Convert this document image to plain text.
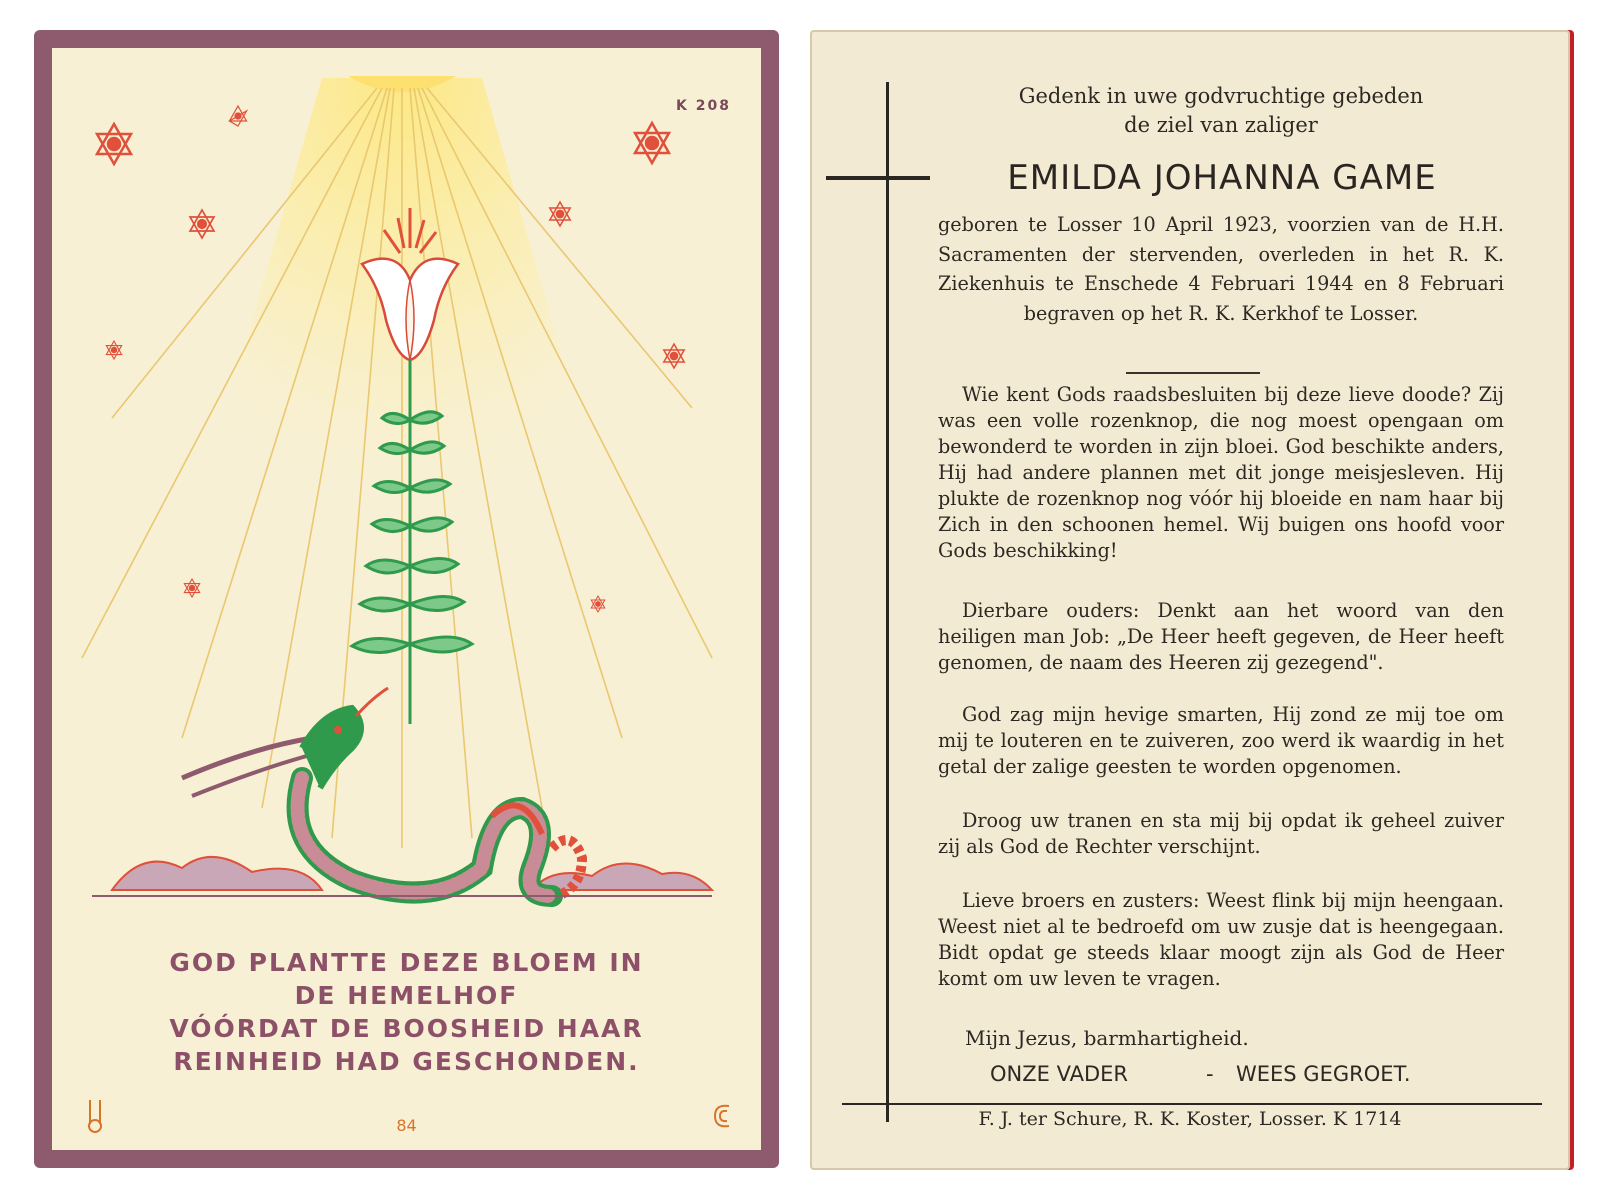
K 208
GOD PLANTTE DEZE BLOEM IN
DE HEMELHOF
VÓÓRDAT DE BOOSHEID HAAR
REINHEID HAD GESCHONDEN.
84
Gedenk in uwe godvruchtige gebeden
de ziel van zaliger
EMILDA JOHANNA GAME
geboren te Losser 10 April 1923, voorzien van de H.H. Sacramenten der stervenden, overleden in het R. K. Ziekenhuis te Enschede 4 Februari 1944 en 8 Februari begraven op het R. K. Kerkhof te Losser.
Wie kent Gods raadsbesluiten bij deze lieve doode? Zij was een volle rozenknop, die nog moest opengaan om bewonderd te worden in zijn bloei. God beschikte anders, Hij had andere plannen met dit jonge meisjesleven. Hij plukte de rozenknop nog vóór hij bloeide en nam haar bij Zich in den schoonen hemel. Wij buigen ons hoofd voor Gods beschikking!
Dierbare ouders: Denkt aan het woord van den heiligen man Job: „De Heer heeft gegeven, de Heer heeft genomen, de naam des Heeren zij gezegend".
God zag mijn hevige smarten, Hij zond ze mij toe om mij te louteren en te zuiveren, zoo werd ik waardig in het getal der zalige geesten te worden opgenomen.
Droog uw tranen en sta mij bij opdat ik geheel zuiver zij als God de Rechter verschijnt.
Lieve broers en zusters: Weest flink bij mijn heengaan. Weest niet al te bedroefd om uw zusje dat is heengegaan. Bidt opdat ge steeds klaar moogt zijn als God de Heer komt om uw leven te vragen.
Mijn Jezus, barmhartigheid.
ONZE VADER	- WEES GEGROET.
F. J. ter Schure, R. K. Koster, Losser. K 1714
